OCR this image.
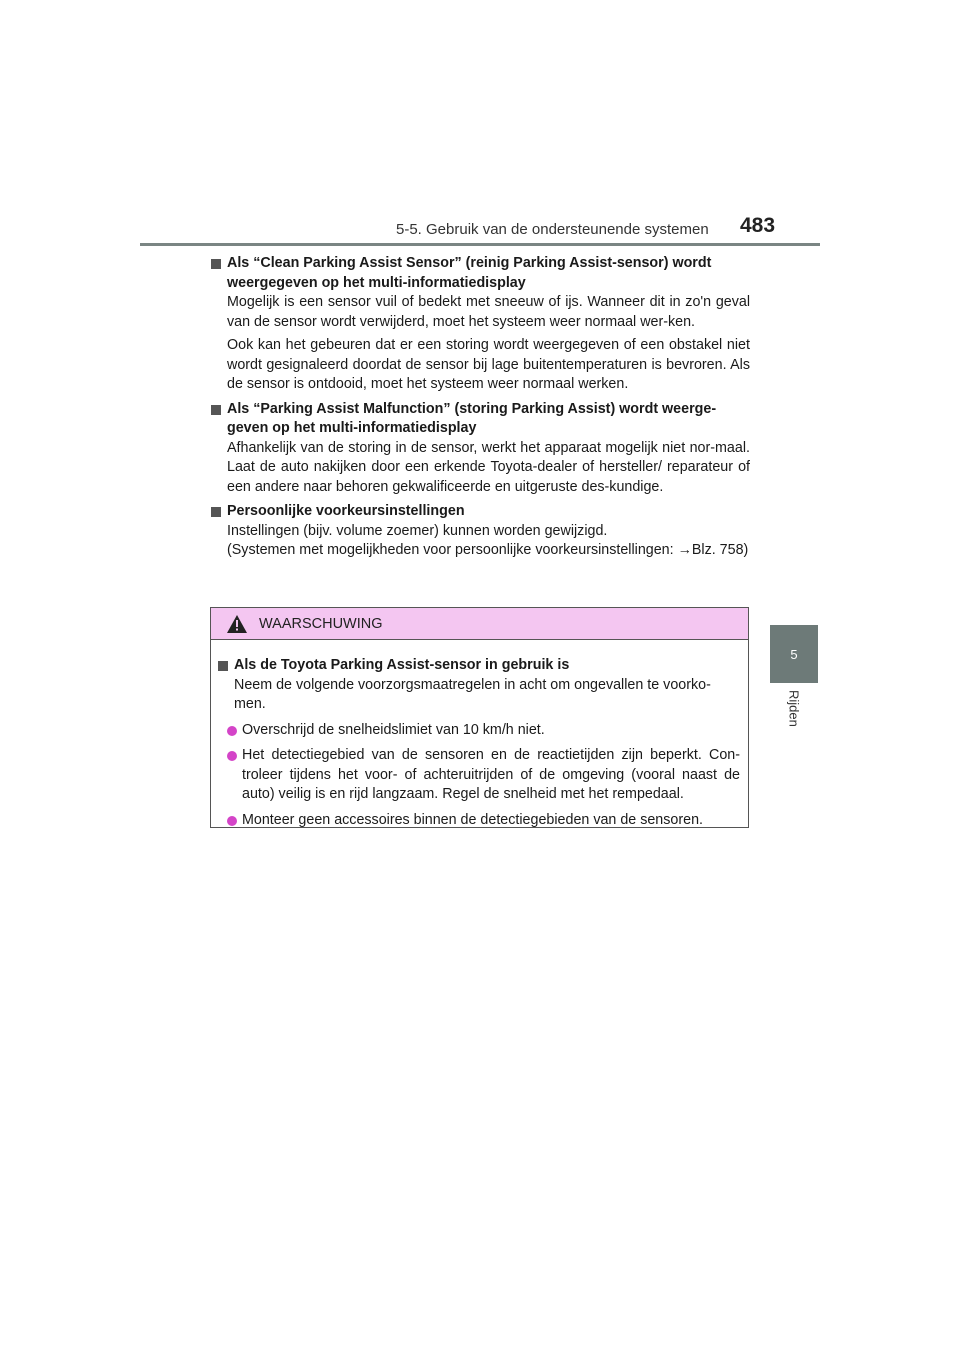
5-5. Gebruik van de ondersteunende systemen 483
5
Rijden
Als “Clean Parking Assist Sensor” (reinig Parking Assist-sensor) wordt weergegeven op het multi-informatiedisplay

Mogelijk is een sensor vuil of bedekt met sneeuw of ijs. Wanneer dit in zo'n geval van de sensor wordt verwijderd, moet het systeem weer normaal wer-ken.

Ook kan het gebeuren dat er een storing wordt weergegeven of een obstakel niet wordt gesignaleerd doordat de sensor bij lage buitentemperaturen is bevroren. Als de sensor is ontdooid, moet het systeem weer normaal werken.

Als “Parking Assist Malfunction” (storing Parking Assist) wordt weerge-geven op het multi-informatiedisplay

Afhankelijk van de storing in de sensor, werkt het apparaat mogelijk niet nor-maal. Laat de auto nakijken door een erkende Toyota-dealer of hersteller/ reparateur of een andere naar behoren gekwalificeerde en uitgeruste des-kundige.

Persoonlijke voorkeursinstellingen

Instellingen (bijv. volume zoemer) kunnen worden gewijzigd.

(Systemen met mogelijkheden voor persoonlijke voorkeursinstellingen: →Blz. 758)

WAARSCHUWING
Als de Toyota Parking Assist-sensor in gebruik is

Neem de volgende voorzorgsmaatregelen in acht om ongevallen te voorko-men.

Overschrijd de snelheidslimiet van 10 km/h niet.
Het detectiegebied van de sensoren en de reactietijden zijn beperkt. Con-troleer tijdens het voor- of achteruitrijden of de omgeving (vooral naast de auto) veilig is en rijd langzaam. Regel de snelheid met het rempedaal.
Monteer geen accessoires binnen de detectiegebieden van de sensoren.
